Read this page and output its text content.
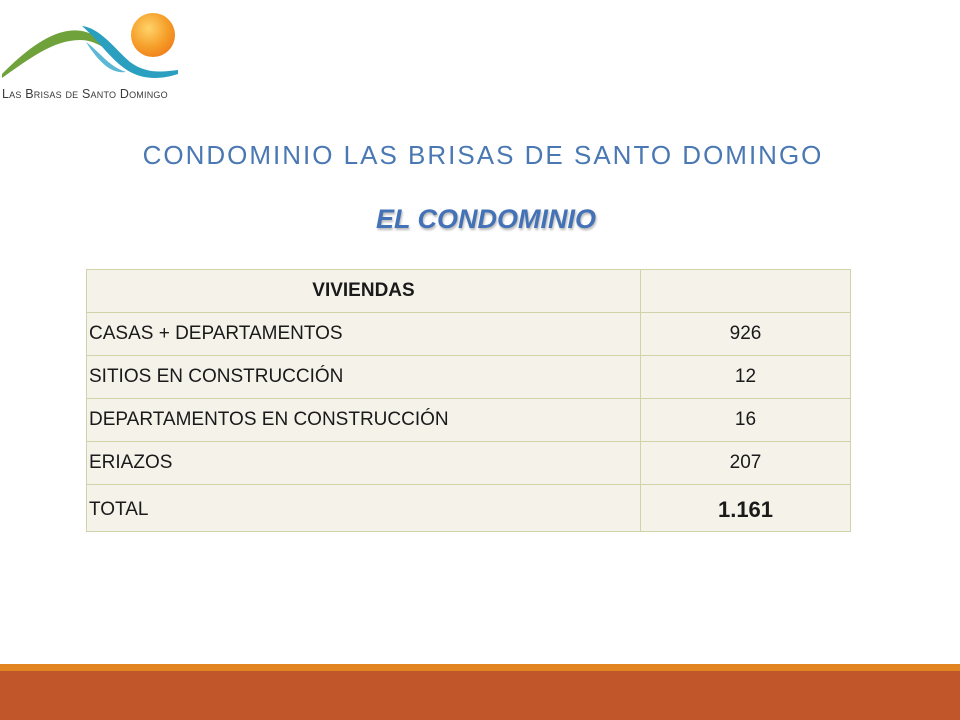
Las Brisas de Santo Domingo
CONDOMINIO LAS BRISAS DE SANTO DOMINGO
EL CONDOMINIO
VIVIENDAS	
CASAS + DEPARTAMENTOS	926
SITIOS EN CONSTRUCCIÓN	12
DEPARTAMENTOS EN CONSTRUCCIÓN	16
ERIAZOS	207
TOTAL	1.161
